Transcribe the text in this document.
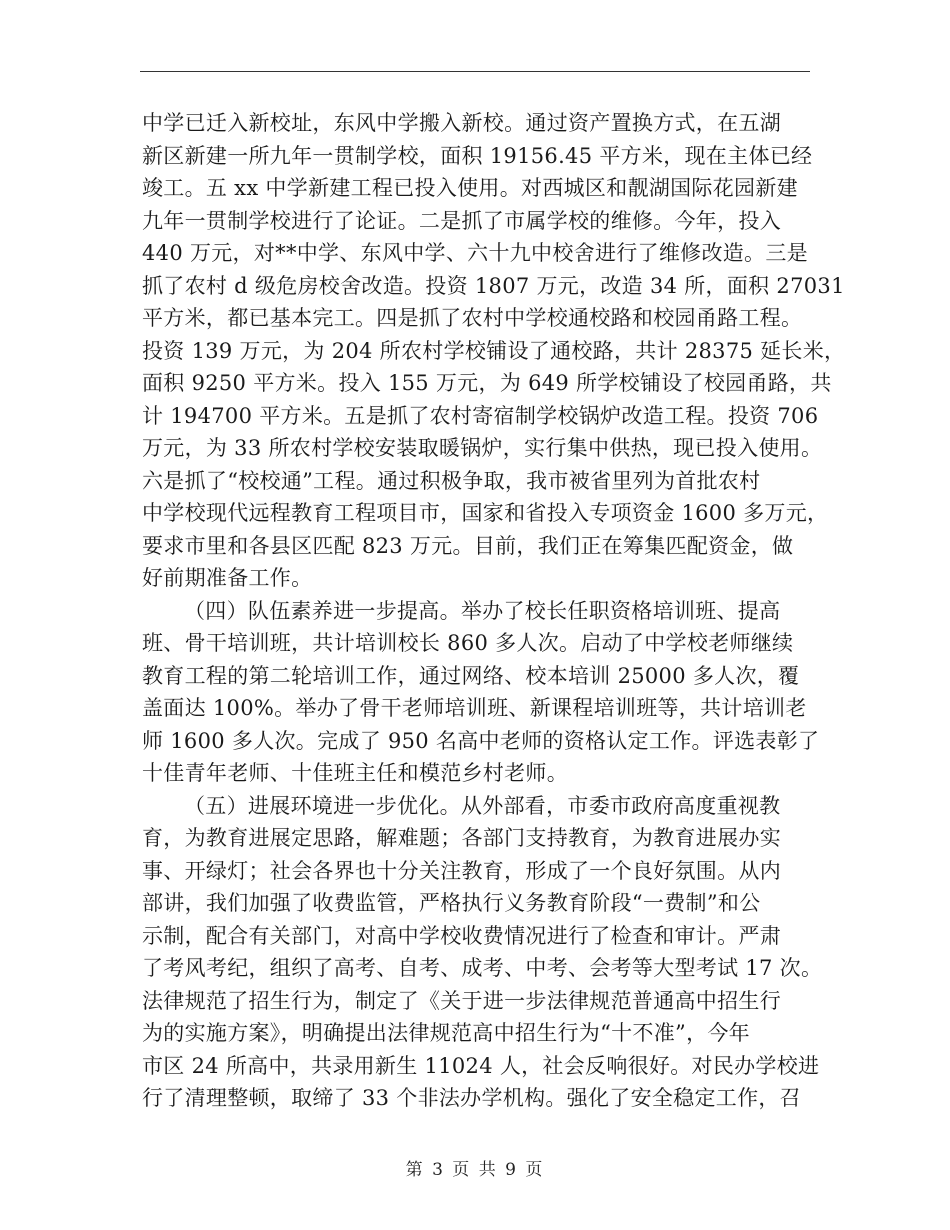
中学已迁入新校址，东风中学搬入新校。通过资产置换方式，在五湖
新区新建一所九年一贯制学校，面积 19156.45 平方米，现在主体已经
竣工。五 xx 中学新建工程已投入使用。对西城区和靓湖国际花园新建
九年一贯制学校进行了论证。二是抓了市属学校的维修。今年，投入
440 万元，对**中学、东风中学、六十九中校舍进行了维修改造。三是
抓了农村 d 级危房校舍改造。投资 1807 万元，改造 34 所，面积 27031
平方米，都已基本完工。四是抓了农村中学校通校路和校园甬路工程。
投资 139 万元，为 204 所农村学校铺设了通校路，共计 28375 延长米，
面积 9250 平方米。投入 155 万元，为 649 所学校铺设了校园甬路，共
计 194700 平方米。五是抓了农村寄宿制学校锅炉改造工程。投资 706
万元，为 33 所农村学校安装取暖锅炉，实行集中供热，现已投入使用。
六是抓了“校校通”工程。通过积极争取，我市被省里列为首批农村
中学校现代远程教育工程项目市，国家和省投入专项资金 1600 多万元，
要求市里和各县区匹配 823 万元。目前，我们正在筹集匹配资金，做
好前期准备工作。
（四）队伍素养进一步提高。举办了校长任职资格培训班、提高
班、骨干培训班，共计培训校长 860 多人次。启动了中学校老师继续
教育工程的第二轮培训工作，通过网络、校本培训 25000 多人次，覆
盖面达 100%。举办了骨干老师培训班、新课程培训班等，共计培训老
师 1600 多人次。完成了 950 名高中老师的资格认定工作。评选表彰了
十佳青年老师、十佳班主任和模范乡村老师。
（五）进展环境进一步优化。从外部看，市委市政府高度重视教
育，为教育进展定思路，解难题；各部门支持教育，为教育进展办实
事、开绿灯；社会各界也十分关注教育，形成了一个良好氛围。从内
部讲，我们加强了收费监管，严格执行义务教育阶段“一费制”和公
示制，配合有关部门，对高中学校收费情况进行了检查和审计。严肃
了考风考纪，组织了高考、自考、成考、中考、会考等大型考试 17 次。
法律规范了招生行为，制定了《关于进一步法律规范普通高中招生行
为的实施方案》，明确提出法律规范高中招生行为“十不准”，今年
市区 24 所高中，共录用新生 11024 人，社会反响很好。对民办学校进
行了清理整顿，取缔了 33 个非法办学机构。强化了安全稳定工作，召
第 3 页 共 9 页
